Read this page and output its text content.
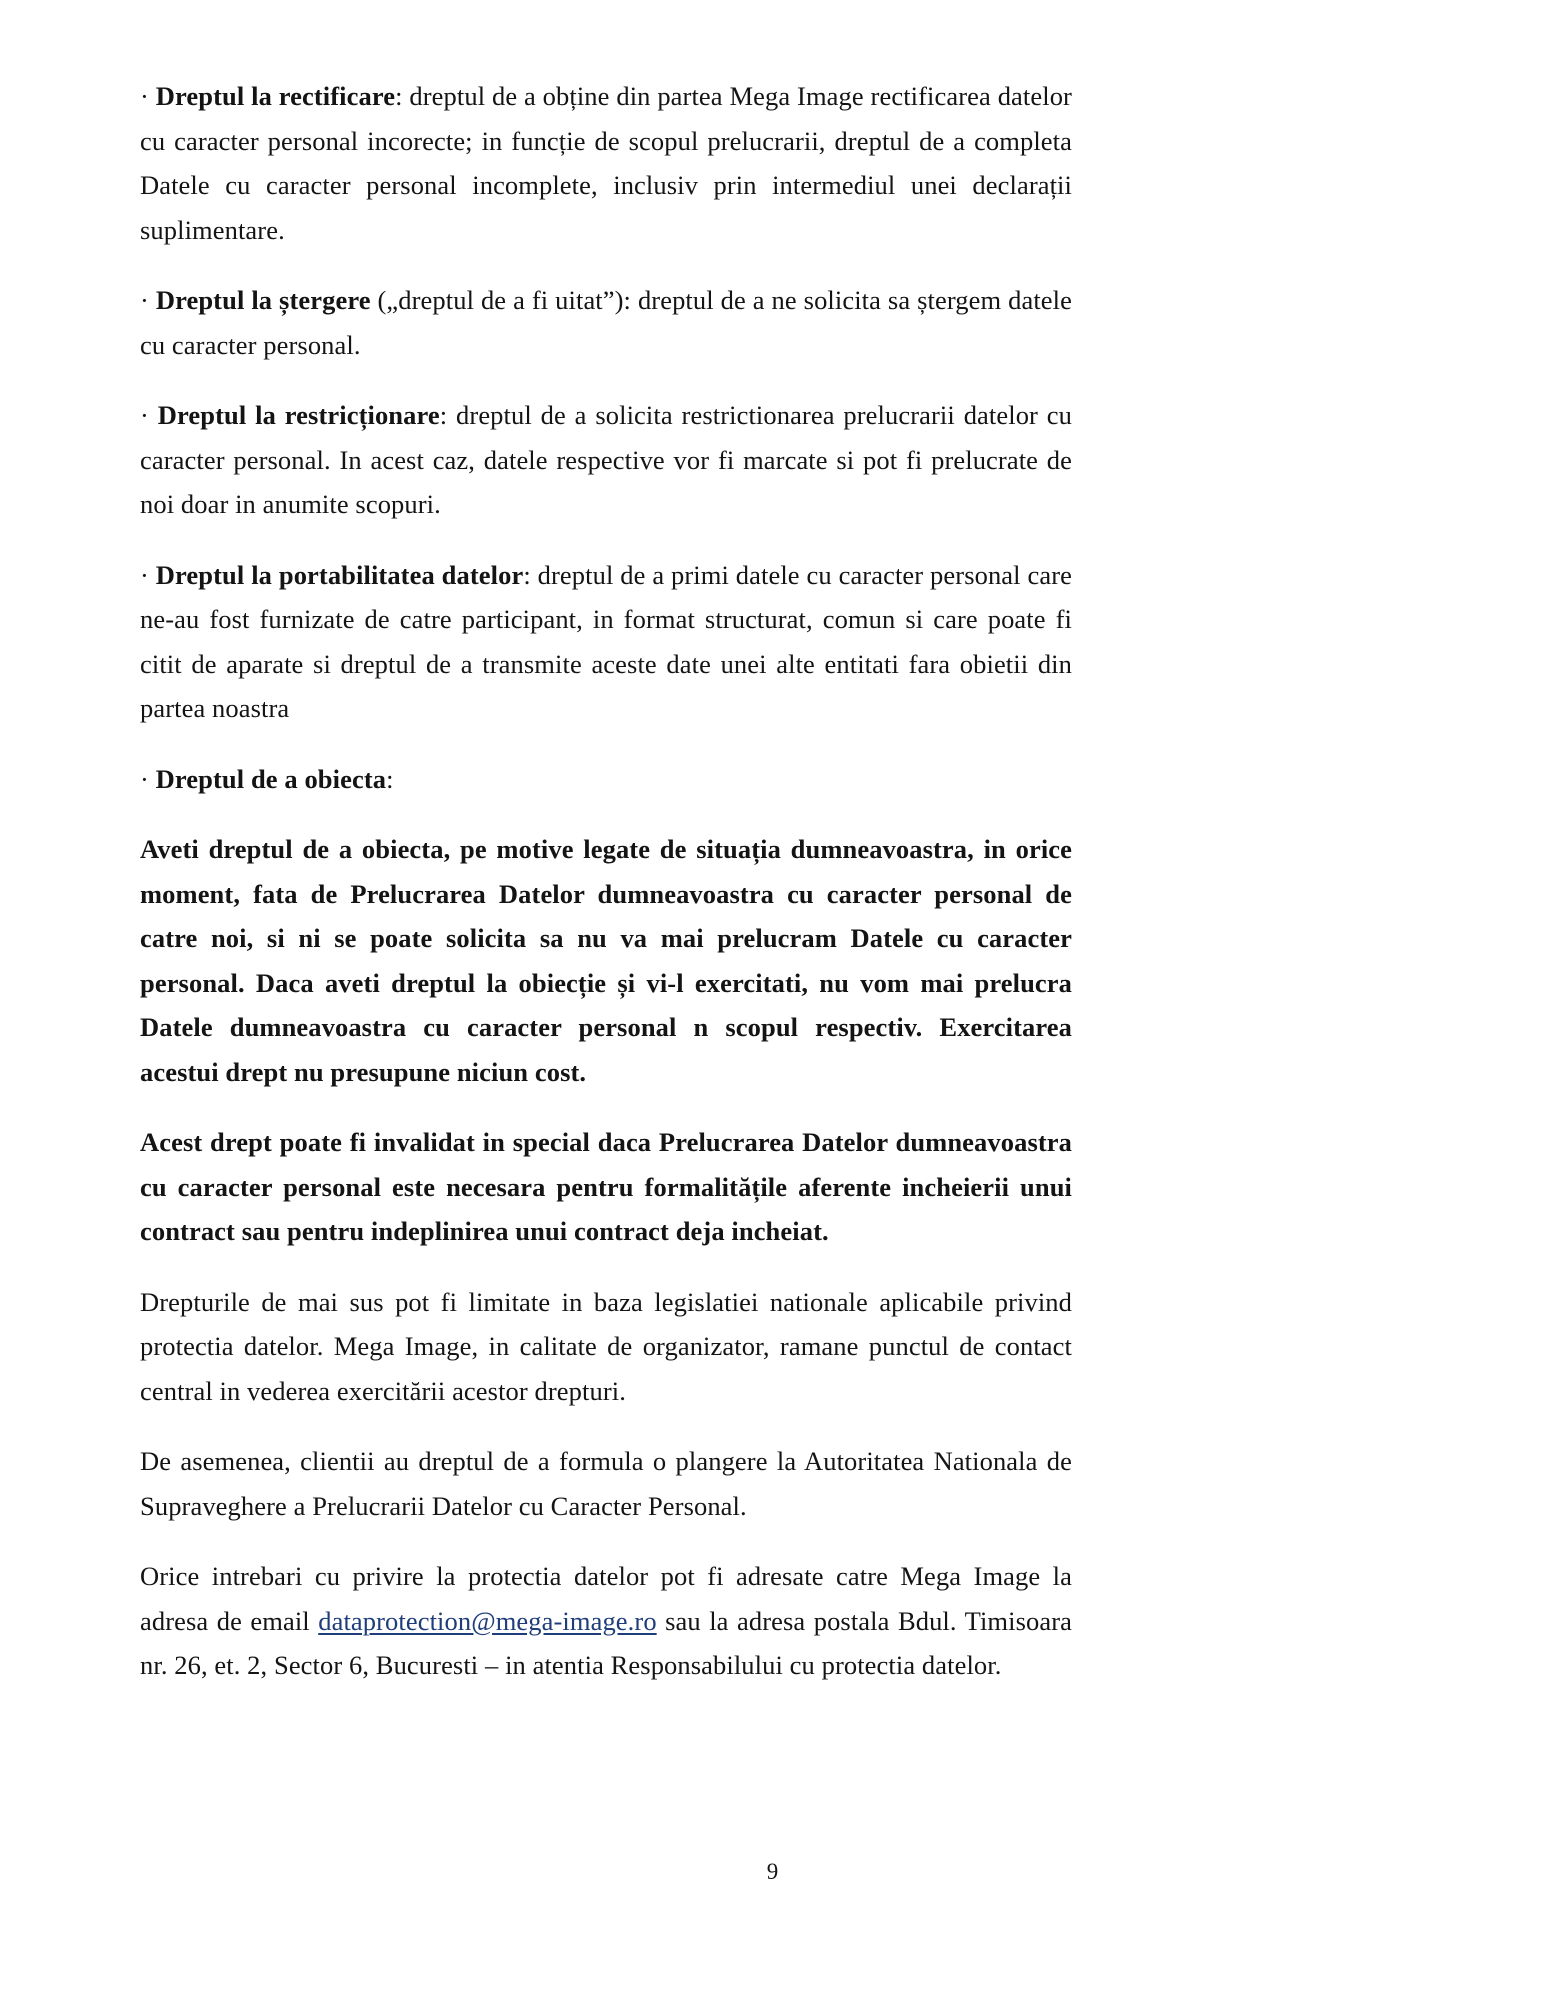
· Dreptul la rectificare: dreptul de a obține din partea Mega Image rectificarea datelor cu caracter personal incorecte; in funcție de scopul prelucrarii, dreptul de a completa Datele cu caracter personal incomplete, inclusiv prin intermediul unei declarații suplimentare.

· Dreptul la ștergere („dreptul de a fi uitat”): dreptul de a ne solicita sa ștergem datele cu caracter personal.

· Dreptul la restricționare: dreptul de a solicita restrictionarea prelucrarii datelor cu caracter personal. In acest caz, datele respective vor fi marcate si pot fi prelucrate de noi doar in anumite scopuri.

· Dreptul la portabilitatea datelor: dreptul de a primi datele cu caracter personal care ne-au fost furnizate de catre participant, in format structurat, comun si care poate fi citit de aparate si dreptul de a transmite aceste date unei alte entitati fara obietii din partea noastra

· Dreptul de a obiecta:

Aveti dreptul de a obiecta, pe motive legate de situația dumneavoastra, in orice moment, fata de Prelucrarea Datelor dumneavoastra cu caracter personal de catre noi, si ni se poate solicita sa nu va mai prelucram Datele cu caracter personal. Daca aveti dreptul la obiecție și vi-l exercitati, nu vom mai prelucra Datele dumneavoastra cu caracter personal n scopul respectiv. Exercitarea acestui drept nu presupune niciun cost.

Acest drept poate fi invalidat in special daca Prelucrarea Datelor dumneavoastra cu caracter personal este necesara pentru formalitățile aferente incheierii unui contract sau pentru indeplinirea unui contract deja incheiat.

Drepturile de mai sus pot fi limitate in baza legislatiei nationale aplicabile privind protectia datelor. Mega Image, in calitate de organizator, ramane punctul de contact central in vederea exercitării acestor drepturi.

De asemenea, clientii au dreptul de a formula o plangere la Autoritatea Nationala de Supraveghere a Prelucrarii Datelor cu Caracter Personal.

Orice intrebari cu privire la protectia datelor pot fi adresate catre Mega Image la adresa de email dataprotection@mega-image.ro sau la adresa postala Bdul. Timisoara nr. 26, et. 2, Sector 6, Bucuresti – in atentia Responsabilului cu protectia datelor.

9
